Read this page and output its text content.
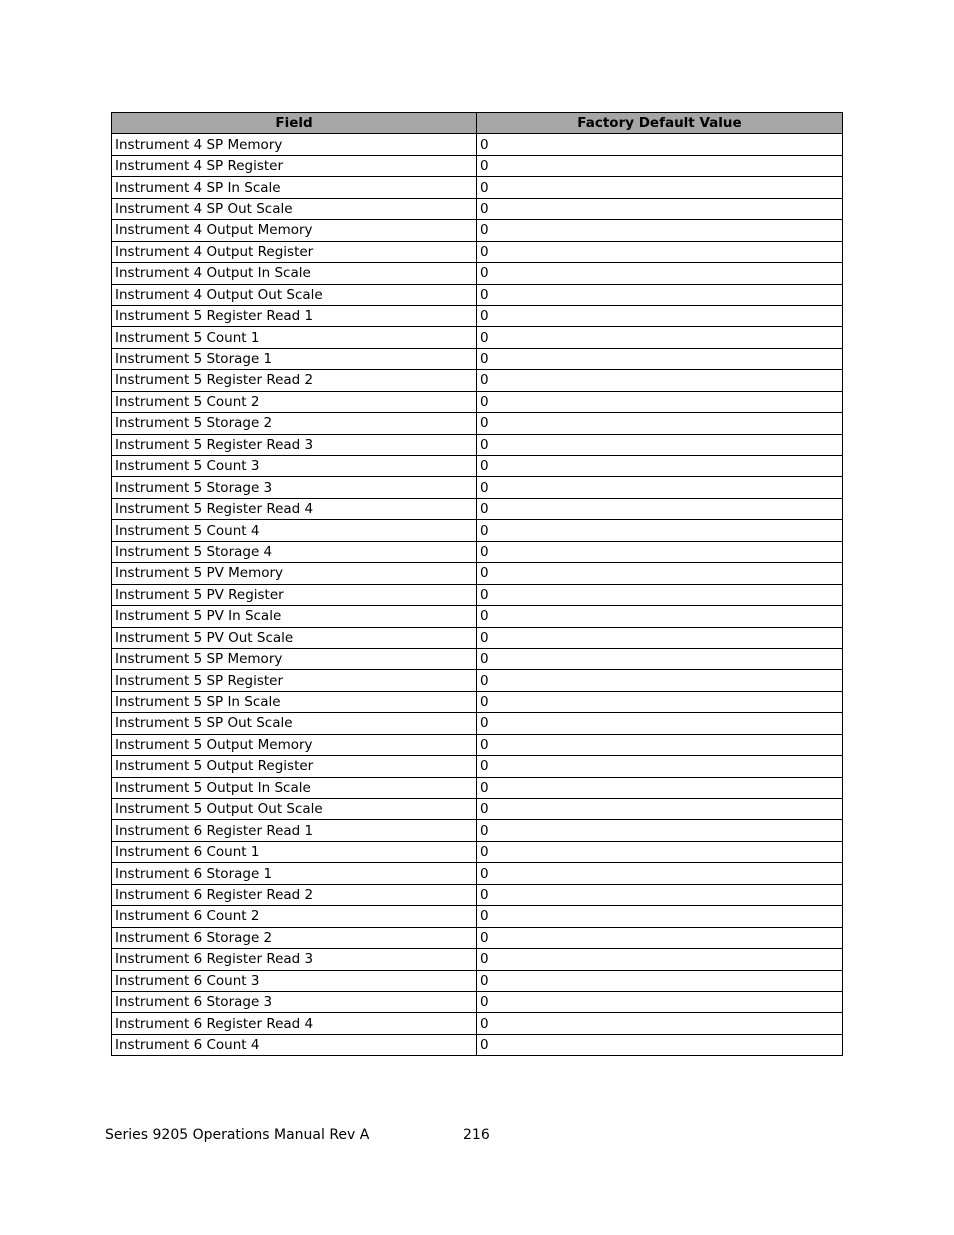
Field	Factory Default Value
Instrument 4 SP Memory	0
Instrument 4 SP Register	0
Instrument 4 SP In Scale	0
Instrument 4 SP Out Scale	0
Instrument 4 Output Memory	0
Instrument 4 Output Register	0
Instrument 4 Output In Scale	0
Instrument 4 Output Out Scale	0
Instrument 5 Register Read 1	0
Instrument 5 Count 1	0
Instrument 5 Storage 1	0
Instrument 5 Register Read 2	0
Instrument 5 Count 2	0
Instrument 5 Storage 2	0
Instrument 5 Register Read 3	0
Instrument 5 Count 3	0
Instrument 5 Storage 3	0
Instrument 5 Register Read 4	0
Instrument 5 Count 4	0
Instrument 5 Storage 4	0
Instrument 5 PV Memory	0
Instrument 5 PV Register	0
Instrument 5 PV In Scale	0
Instrument 5 PV Out Scale	0
Instrument 5 SP Memory	0
Instrument 5 SP Register	0
Instrument 5 SP In Scale	0
Instrument 5 SP Out Scale	0
Instrument 5 Output Memory	0
Instrument 5 Output Register	0
Instrument 5 Output In Scale	0
Instrument 5 Output Out Scale	0
Instrument 6 Register Read 1	0
Instrument 6 Count 1	0
Instrument 6 Storage 1	0
Instrument 6 Register Read 2	0
Instrument 6 Count 2	0
Instrument 6 Storage 2	0
Instrument 6 Register Read 3	0
Instrument 6 Count 3	0
Instrument 6 Storage 3	0
Instrument 6 Register Read 4	0
Instrument 6 Count 4	0
Series 9205 Operations Manual Rev A	216
